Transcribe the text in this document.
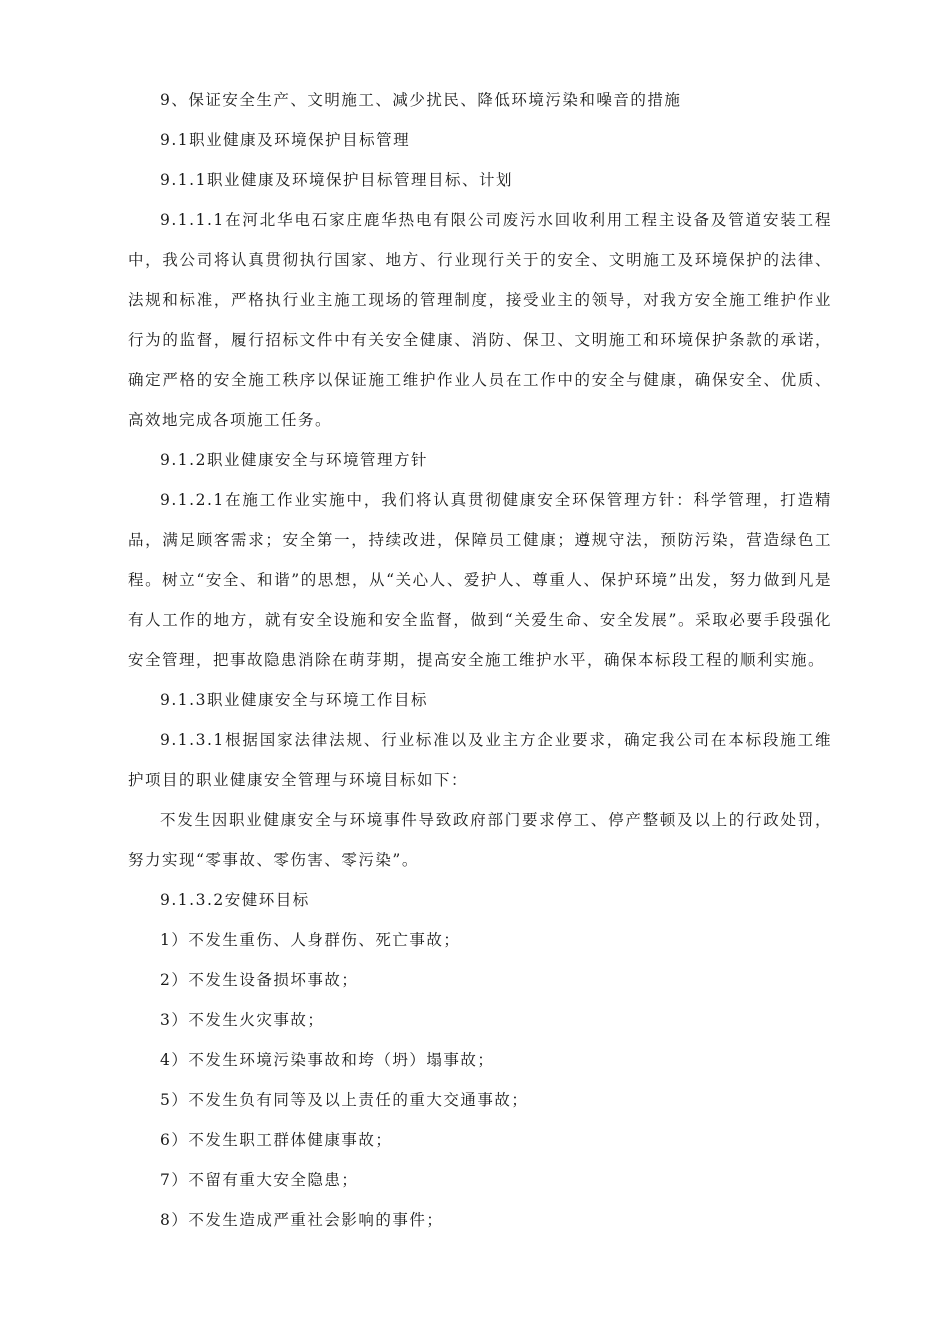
9、保证安全生产、文明施工、减少扰民、降低环境污染和噪音的措施

9.1职业健康及环境保护目标管理

9.1.1职业健康及环境保护目标管理目标、计划

9.1.1.1在河北华电石家庄鹿华热电有限公司废污水回收利用工程主设备及管道安装工程中，我公司将认真贯彻执行国家、地方、行业现行关于的安全、文明施工及环境保护的法律、法规和标准，严格执行业主施工现场的管理制度，接受业主的领导，对我方安全施工维护作业行为的监督，履行招标文件中有关安全健康、消防、保卫、文明施工和环境保护条款的承诺，确定严格的安全施工秩序以保证施工维护作业人员在工作中的安全与健康，确保安全、优质、高效地完成各项施工任务。

9.1.2职业健康安全与环境管理方针

9.1.2.1在施工作业实施中，我们将认真贯彻健康安全环保管理方针：科学管理，打造精品，满足顾客需求；安全第一，持续改进，保障员工健康；遵规守法，预防污染，营造绿色工程。树立“安全、和谐”的思想，从“关心人、爱护人、尊重人、保护环境”出发，努力做到凡是有人工作的地方，就有安全设施和安全监督，做到“关爱生命、安全发展”。采取必要手段强化安全管理，把事故隐患消除在萌芽期，提高安全施工维护水平，确保本标段工程的顺利实施。

9.1.3职业健康安全与环境工作目标

9.1.3.1根据国家法律法规、行业标准以及业主方企业要求，确定我公司在本标段施工维护项目的职业健康安全管理与环境目标如下：

不发生因职业健康安全与环境事件导致政府部门要求停工、停产整顿及以上的行政处罚，努力实现“零事故、零伤害、零污染”。

9.1.3.2安健环目标

1）不发生重伤、人身群伤、死亡事故；

2）不发生设备损坏事故；

3）不发生火灾事故；

4）不发生环境污染事故和垮（坍）塌事故；

5）不发生负有同等及以上责任的重大交通事故；

6）不发生职工群体健康事故；

7）不留有重大安全隐患；

8）不发生造成严重社会影响的事件；
